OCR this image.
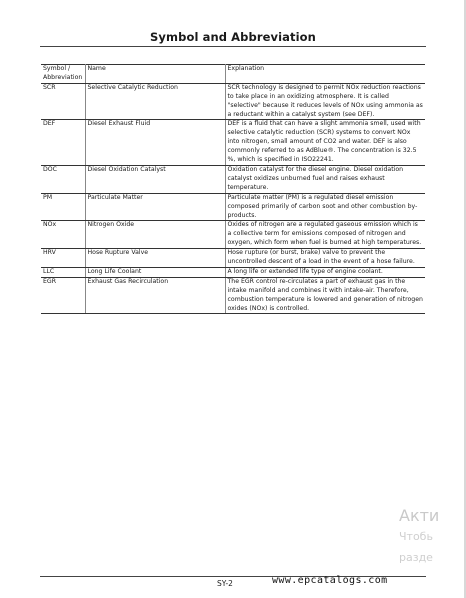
Symbol and Abbreviation
Symbol / Abbreviation	Name	Explanation
SCR	Selective Catalytic Reduction	SCR technology is designed to permit NOx reduction reactions to take place in an oxidizing atmosphere. It is called "selective" because it reduces levels of NOx using ammonia as a reductant within a catalyst system (see DEF).
DEF	Diesel Exhaust Fluid	DEF is a fluid that can have a slight ammonia smell, used with selective catalytic reduction (SCR) systems to convert NOx into nitrogen, small amount of CO2 and water. DEF is also commonly referred to as AdBlue®. The concentration is 32.5 %, which is specified in ISO22241.
DOC	Diesel Oxidation Catalyst	Oxidation catalyst for the diesel engine. Diesel oxidation catalyst oxidizes unburned fuel and raises exhaust temperature.
PM	Particulate Matter	Particulate matter (PM) is a regulated diesel emission composed primarily of carbon soot and other combustion by-products.
NOx	Nitrogen Oxide	Oxides of nitrogen are a regulated gaseous emission which is a collective term for emissions composed of nitrogen and oxygen, which form when fuel is burned at high temperatures.
HRV	Hose Rupture Valve	Hose rupture (or burst, brake) valve to prevent the uncontrolled descent of a load in the event of a hose failure.
LLC	Long Life Coolant	A long life or extended life type of engine coolant.
EGR	Exhaust Gas Recirculation	The EGR control re-circulates a part of exhaust gas in the intake manifold and combines it with intake-air. Therefore, combustion temperature is lowered and generation of nitrogen oxides (NOx) is controlled.
Акти
Чтобь
разде
SY-2	www.epcatalogs.com
